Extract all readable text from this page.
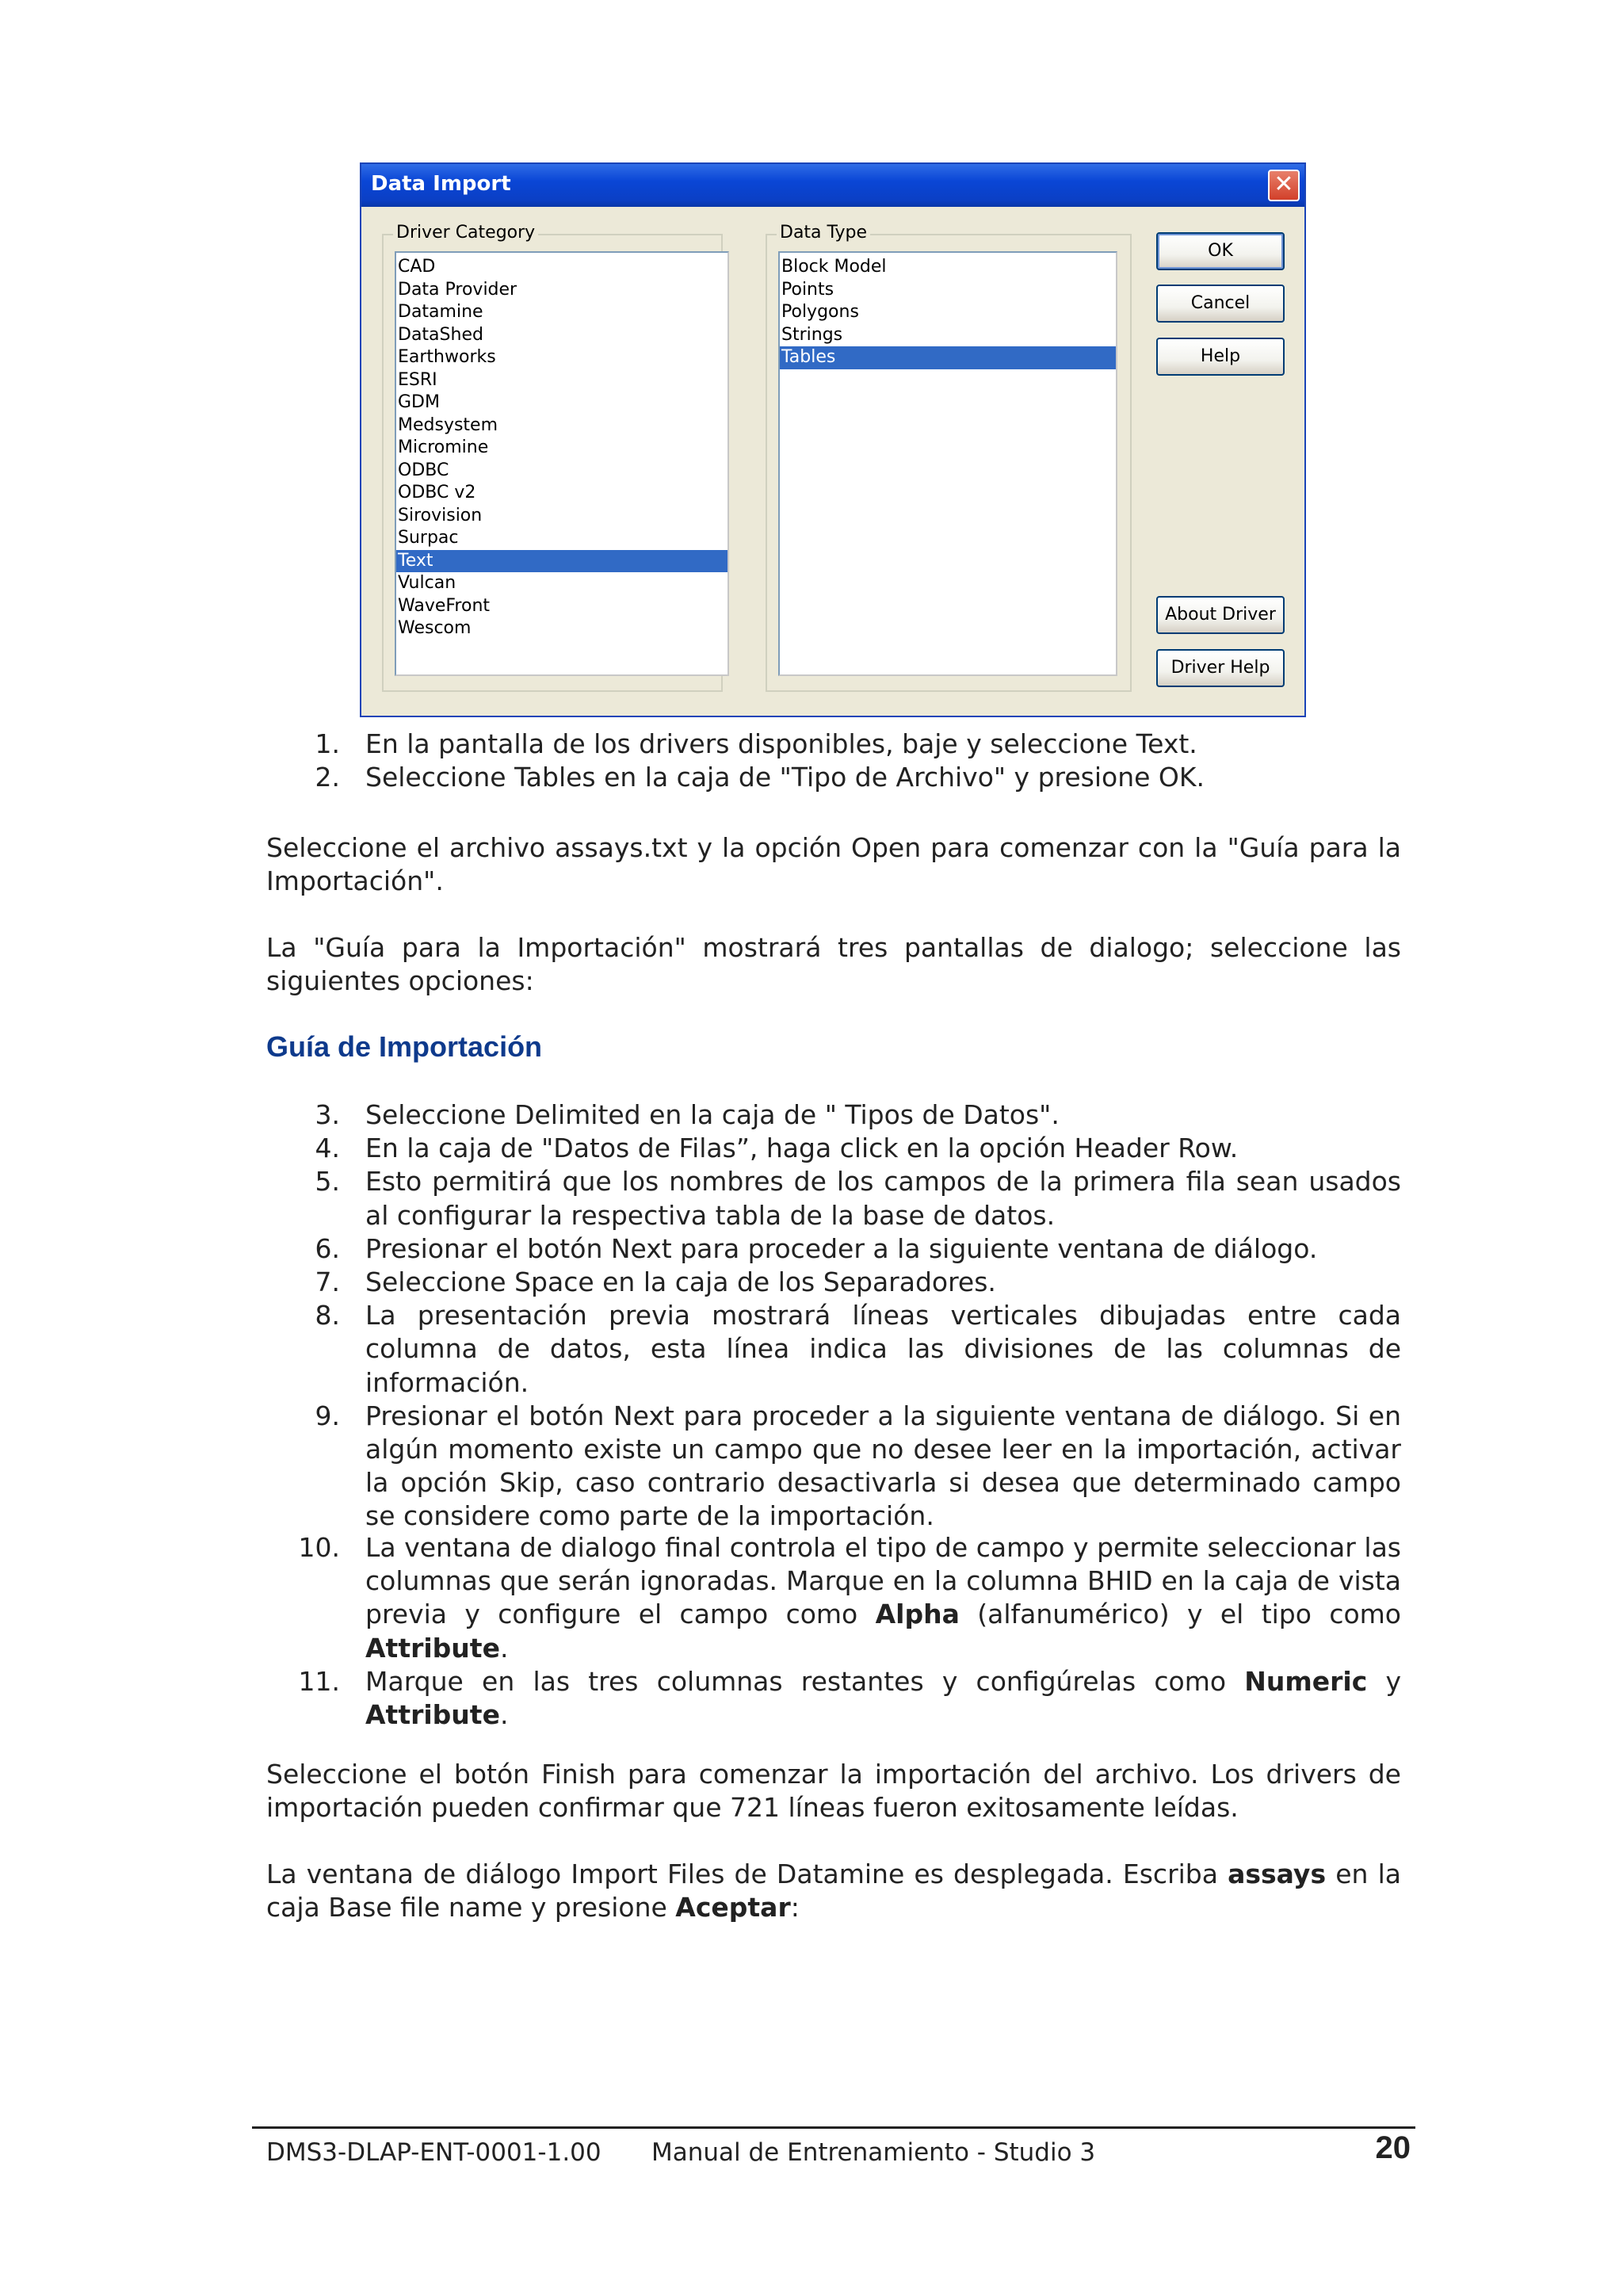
Data Import	✕
Driver Category
CAD
Data Provider
Datamine
DataShed
Earthworks
ESRI
GDM
Medsystem
Micromine
ODBC
ODBC v2
Sirovision
Surpac
Text
Vulcan
WaveFront
Wescom
Data Type
Block Model
Points
Polygons
Strings
Tables
OK
Cancel
Help
About Driver
Driver Help
1. En la pantalla de los drivers disponibles, baje y seleccione Text.
2. Seleccione Tables en la caja de "Tipo de Archivo" y presione OK.

Seleccione el archivo assays.txt y la opción Open para comenzar con la "Guía para la Importación".

La "Guía para la Importación" mostrará tres pantallas de dialogo; seleccione las siguientes opciones:

Guía de Importación
3. Seleccione Delimited en la caja de " Tipos de Datos".
4. En la caja de "Datos de Filas”, haga click en la opción Header Row.
5. Esto permitirá que los nombres de los campos de la primera fila sean usados al configurar la respectiva tabla de la base de datos.
6. Presionar el botón Next para proceder a la siguiente ventana de diálogo.
7. Seleccione Space en la caja de los Separadores.
8. La presentación previa mostrará líneas verticales dibujadas entre cada columna de datos, esta línea indica las divisiones de las columnas de información.
9. Presionar el botón Next para proceder a la siguiente ventana de diálogo. Si en algún momento existe un campo que no desee leer en la importación, activar la opción Skip, caso contrario desactivarla si desea que determinado campo se considere como parte de la importación.
10. La ventana de dialogo final controla el tipo de campo y permite seleccionar las columnas que serán ignoradas. Marque en la columna BHID en la caja de vista previa y configure el campo como Alpha (alfanumérico) y el tipo como Attribute.
11. Marque en las tres columnas restantes y configúrelas como Numeric y Attribute.

Seleccione el botón Finish para comenzar la importación del archivo. Los drivers de importación pueden confirmar que 721 líneas fueron exitosamente leídas.

La ventana de diálogo Import Files de Datamine es desplegada. Escriba assays en la caja Base file name y presione Aceptar:

DMS3-DLAP-ENT-0001-1.00 Manual de Entrenamiento - Studio 3	20
